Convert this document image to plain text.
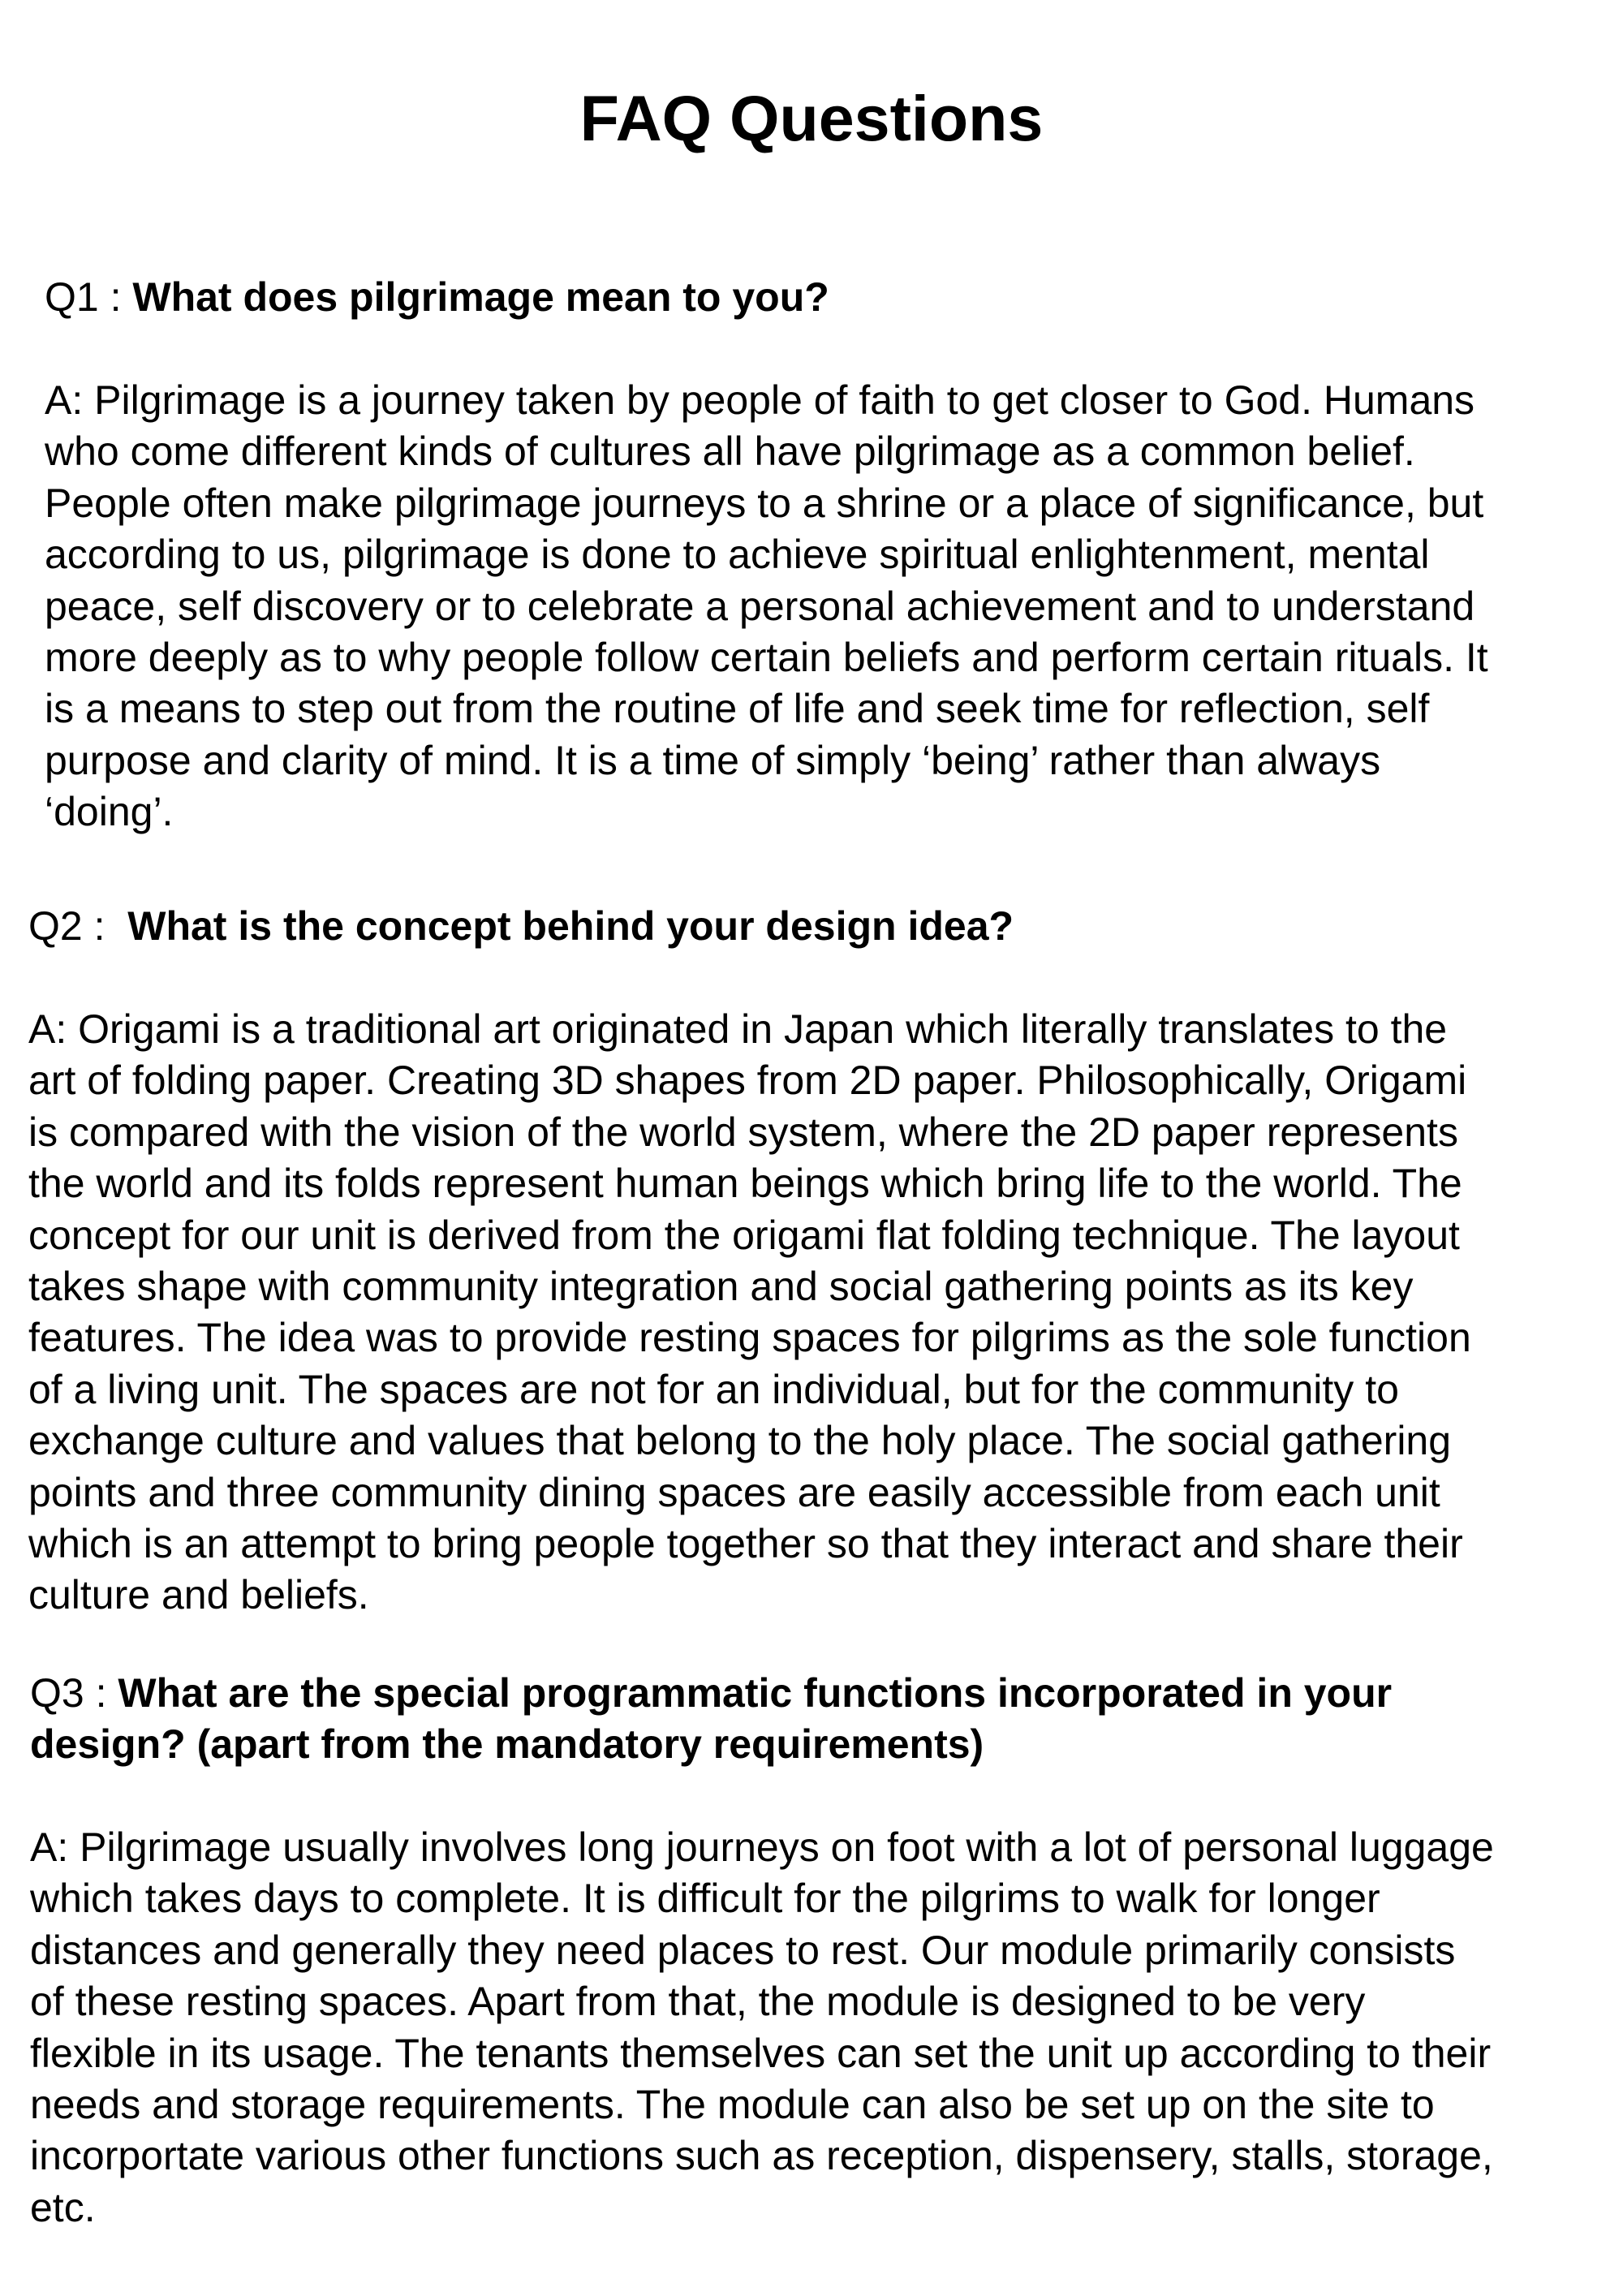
FAQ Questions

Q1 : What does pilgrimage mean to you?

A: Pilgrimage is a journey taken by people of faith to get closer to God. Humans
who come different kinds of cultures all have pilgrimage as a common belief.
People often make pilgrimage journeys to a shrine or a place of significance, but
according to us, pilgrimage is done to achieve spiritual enlightenment, mental
peace, self discovery or to celebrate a personal achievement and to understand
more deeply as to why people follow certain beliefs and perform certain rituals. It
is a means to step out from the routine of life and seek time for reflection, self
purpose and clarity of mind. It is a time of simply ‘being’ rather than always
‘doing’.

Q2 :  What is the concept behind your design idea?

A: Origami is a traditional art originated in Japan which literally translates to the
art of folding paper. Creating 3D shapes from 2D paper. Philosophically, Origami
is compared with the vision of the world system, where the 2D paper represents
the world and its folds represent human beings which bring life to the world. The
concept for our unit is derived from the origami flat folding technique. The layout
takes shape with community integration and social gathering points as its key
features. The idea was to provide resting spaces for pilgrims as the sole function
of a living unit. The spaces are not for an individual, but for the community to
exchange culture and values that belong to the holy place. The social gathering
points and three community dining spaces are easily accessible from each unit
which is an attempt to bring people together so that they interact and share their
culture and beliefs.
Q3 : What are the special programmatic functions incorporated in your
design? (apart from the mandatory requirements)
A: Pilgrimage usually involves long journeys on foot with a lot of personal luggage
which takes days to complete. It is difficult for the pilgrims to walk for longer
distances and generally they need places to rest. Our module primarily consists
of these resting spaces. Apart from that, the module is designed to be very
flexible in its usage. The tenants themselves can set the unit up according to their
needs and storage requirements. The module can also be set up on the site to
incorportate various other functions such as reception, dispensery, stalls, storage,
etc.
